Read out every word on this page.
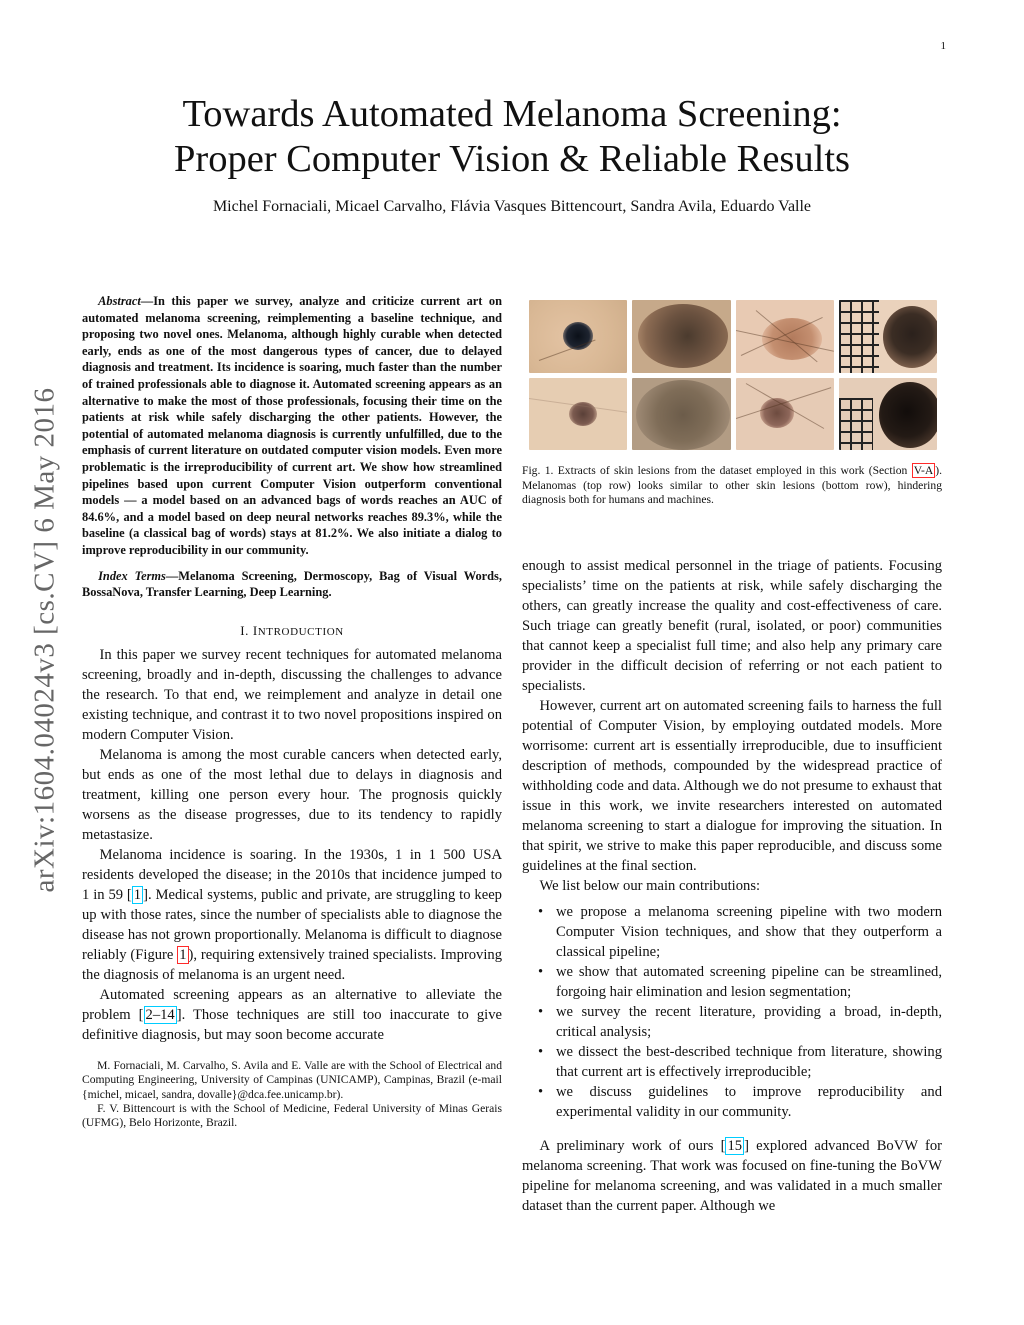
1
arXiv:1604.04024v3 [cs.CV] 6 May 2016
Towards Automated Melanoma Screening:
Proper Computer Vision & Reliable Results
Michel Fornaciali, Micael Carvalho, Flávia Vasques Bittencourt, Sandra Avila, Eduardo Valle

Abstract—In this paper we survey, analyze and criticize current art on automated melanoma screening, reimplementing a baseline technique, and proposing two novel ones. Melanoma, although highly curable when detected early, ends as one of the most dangerous types of cancer, due to delayed diagnosis and treatment. Its incidence is soaring, much faster than the number of trained professionals able to diagnose it. Automated screening appears as an alternative to make the most of those professionals, focusing their time on the patients at risk while safely discharging the other patients. However, the potential of automated melanoma diagnosis is currently unfulfilled, due to the emphasis of current literature on outdated computer vision models. Even more problematic is the irreproducibility of current art. We show how streamlined pipelines based upon current Computer Vision outperform conventional models — a model based on an advanced bags of words reaches an AUC of 84.6%, and a model based on deep neural networks reaches 89.3%, while the baseline (a classical bag of words) stays at 81.2%. We also initiate a dialog to improve reproducibility in our community.

Index Terms—Melanoma Screening, Dermoscopy, Bag of Visual Words, BossaNova, Transfer Learning, Deep Learning.

I. INTRODUCTION

In this paper we survey recent techniques for automated melanoma screening, broadly and in-depth, discussing the challenges to advance the research. To that end, we reimplement and analyze in detail one existing technique, and contrast it to two novel propositions inspired on modern Computer Vision.

Melanoma is among the most curable cancers when detected early, but ends as one of the most lethal due to delays in diagnosis and treatment, killing one person every hour. The prognosis quickly worsens as the disease progresses, due to its tendency to rapidly metastasize.

Melanoma incidence is soaring. In the 1930s, 1 in 1 500 USA residents developed the disease; in the 2010s that incidence jumped to 1 in 59 [ 1 ]. Medical systems, public and private, are struggling to keep up with those rates, since the number of specialists able to diagnose the disease has not grown proportionally. Melanoma is difficult to diagnose reliably (Figure 1 ), requiring extensively trained specialists. Improving the diagnosis of melanoma is an urgent need.

Automated screening appears as an alternative to alleviate the problem [ 2–14 ]. Those techniques are still too inaccurate to give definitive diagnosis, but may soon become accurate

M. Fornaciali, M. Carvalho, S. Avila and E. Valle are with the School of Electrical and Computing Engineering, University of Campinas (UNICAMP), Campinas, Brazil (e-mail {michel, micael, sandra, dovalle}@dca.fee.unicamp.br).

F. V. Bittencourt is with the School of Medicine, Federal University of Minas Gerais (UFMG), Belo Horizonte, Brazil.

Fig. 1. Extracts of skin lesions from the dataset employed in this work (Section V-A ). Melanomas (top row) looks similar to other skin lesions (bottom row), hindering diagnosis both for humans and machines.

enough to assist medical personnel in the triage of patients. Focusing specialists’ time on the patients at risk, while safely discharging the others, can greatly increase the quality and cost-effectiveness of care. Such triage can greatly benefit (rural, isolated, or poor) communities that cannot keep a specialist full time; and also help any primary care provider in the difficult decision of referring or not each patient to specialists.

However, current art on automated screening fails to harness the full potential of Computer Vision, by employing outdated models. More worrisome: current art is essentially irreproducible, due to insufficient description of methods, compounded by the widespread practice of withholding code and data. Although we do not presume to exhaust that issue in this work, we invite researchers interested on automated melanoma screening to start a dialogue for improving the situation. In that spirit, we strive to make this paper reproducible, and discuss some guidelines at the final section.

We list below our main contributions:

• we propose a melanoma screening pipeline with two modern Computer Vision techniques, and show that they outperform a classical pipeline;
• we show that automated screening pipeline can be streamlined, forgoing hair elimination and lesion segmentation;
• we survey the recent literature, providing a broad, in-depth, critical analysis;
• we dissect the best-described technique from literature, showing that current art is effectively irreproducible;
• we discuss guidelines to improve reproducibility and experimental validity in our community.

A preliminary work of ours [ 15 ] explored advanced BoVW for melanoma screening. That work was focused on fine-tuning the BoVW pipeline for melanoma screening, and was validated in a much smaller dataset than the current paper. Although we
